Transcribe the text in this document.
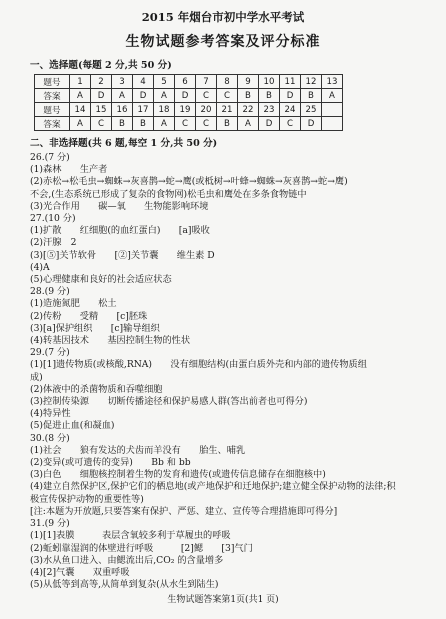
2015 年烟台市初中学水平考试
生物试题参考答案及评分标准
一、选择题(每题 2 分,共 50 分)
题号	1	2	3	4	5	6	7	8	9	10	11	12	13
答案	A	D	A	D	A	D	C	C	B	B	D	B	A
题号	14	15	16	17	18	19	20	21	22	23	24	25	
答案	A	C	B	B	A	C	C	B	A	D	C	D	
二、非选择题(共 6 题,每空 1 分,共 50 分)
26.(7 分)
(1)森林　　生产者
(2)赤松→松毛虫→蜘蛛→灰喜鹊→蛇→鹰(或柢树→叶蜂→蜘蛛→灰喜鹊→蛇→鹰)
不会,(生态系统已形成了复杂的食物网)松毛虫和鹰处在多条食物链中
(3)光合作用　　碳—氧　　生物能影响环境
27.(10 分)
(1)扩散　　红细胞(的血红蛋白)　　[a]吸收
(2)汗腺　2
(3)[⑤]关节软骨　　[②]关节囊　　维生素 D
(4)A
(5)心理健康和良好的社会适应状态
28.(9 分)
(1)造施氮肥　　松土
(2)传粉　　受精　　[c]胚珠
(3)[a]保护组织　　[c]输导组织
(4)转基因技术　　基因控制生物的性状
29.(7 分)
(1)[1]遗传物质(或核酸,RNA)　　没有细胞结构(由蛋白质外壳和内部的遗传物质组
成)
(2)体液中的杀菌物质和吞噬细胞
(3)控制传染源　　切断传播途径和保护易感人群(答出前者也可得分)
(4)特异性
(5)促进止血(和凝血)
30.(8 分)
(1)社会　　狼有发达的犬齿而羊没有　　胎生、哺乳
(2)变异(或可遗传的变异)　　Bb 和 bb
(3)白色　　细胞核控制着生物的发育和遗传(或遗传信息储存在细胞核中)
(4)建立自然保护区,保护它们的栖息地(或产地保护和迁地保护;建立健全保护动物的法律;积
极宣传保护动物的重要性等)
[注:本题为开放题,只要答案有保护、严惩、建立、宣传等合理措施即可得分]
31.(9 分)
(1)[1]表膜　　　表层含氧较多利于草履虫的呼吸
(2)蚯蚓靠湿润的体壁进行呼吸　　　[2]鳃　　[3]气门
(3)水从鱼口进入、由鳃流出后,CO₂ 的含量增多
(4)[2]气囊　　双重呼吸
(5)从低等到高等,从简单到复杂(从水生到陆生)
生物试题答案第1页(共1 页)
